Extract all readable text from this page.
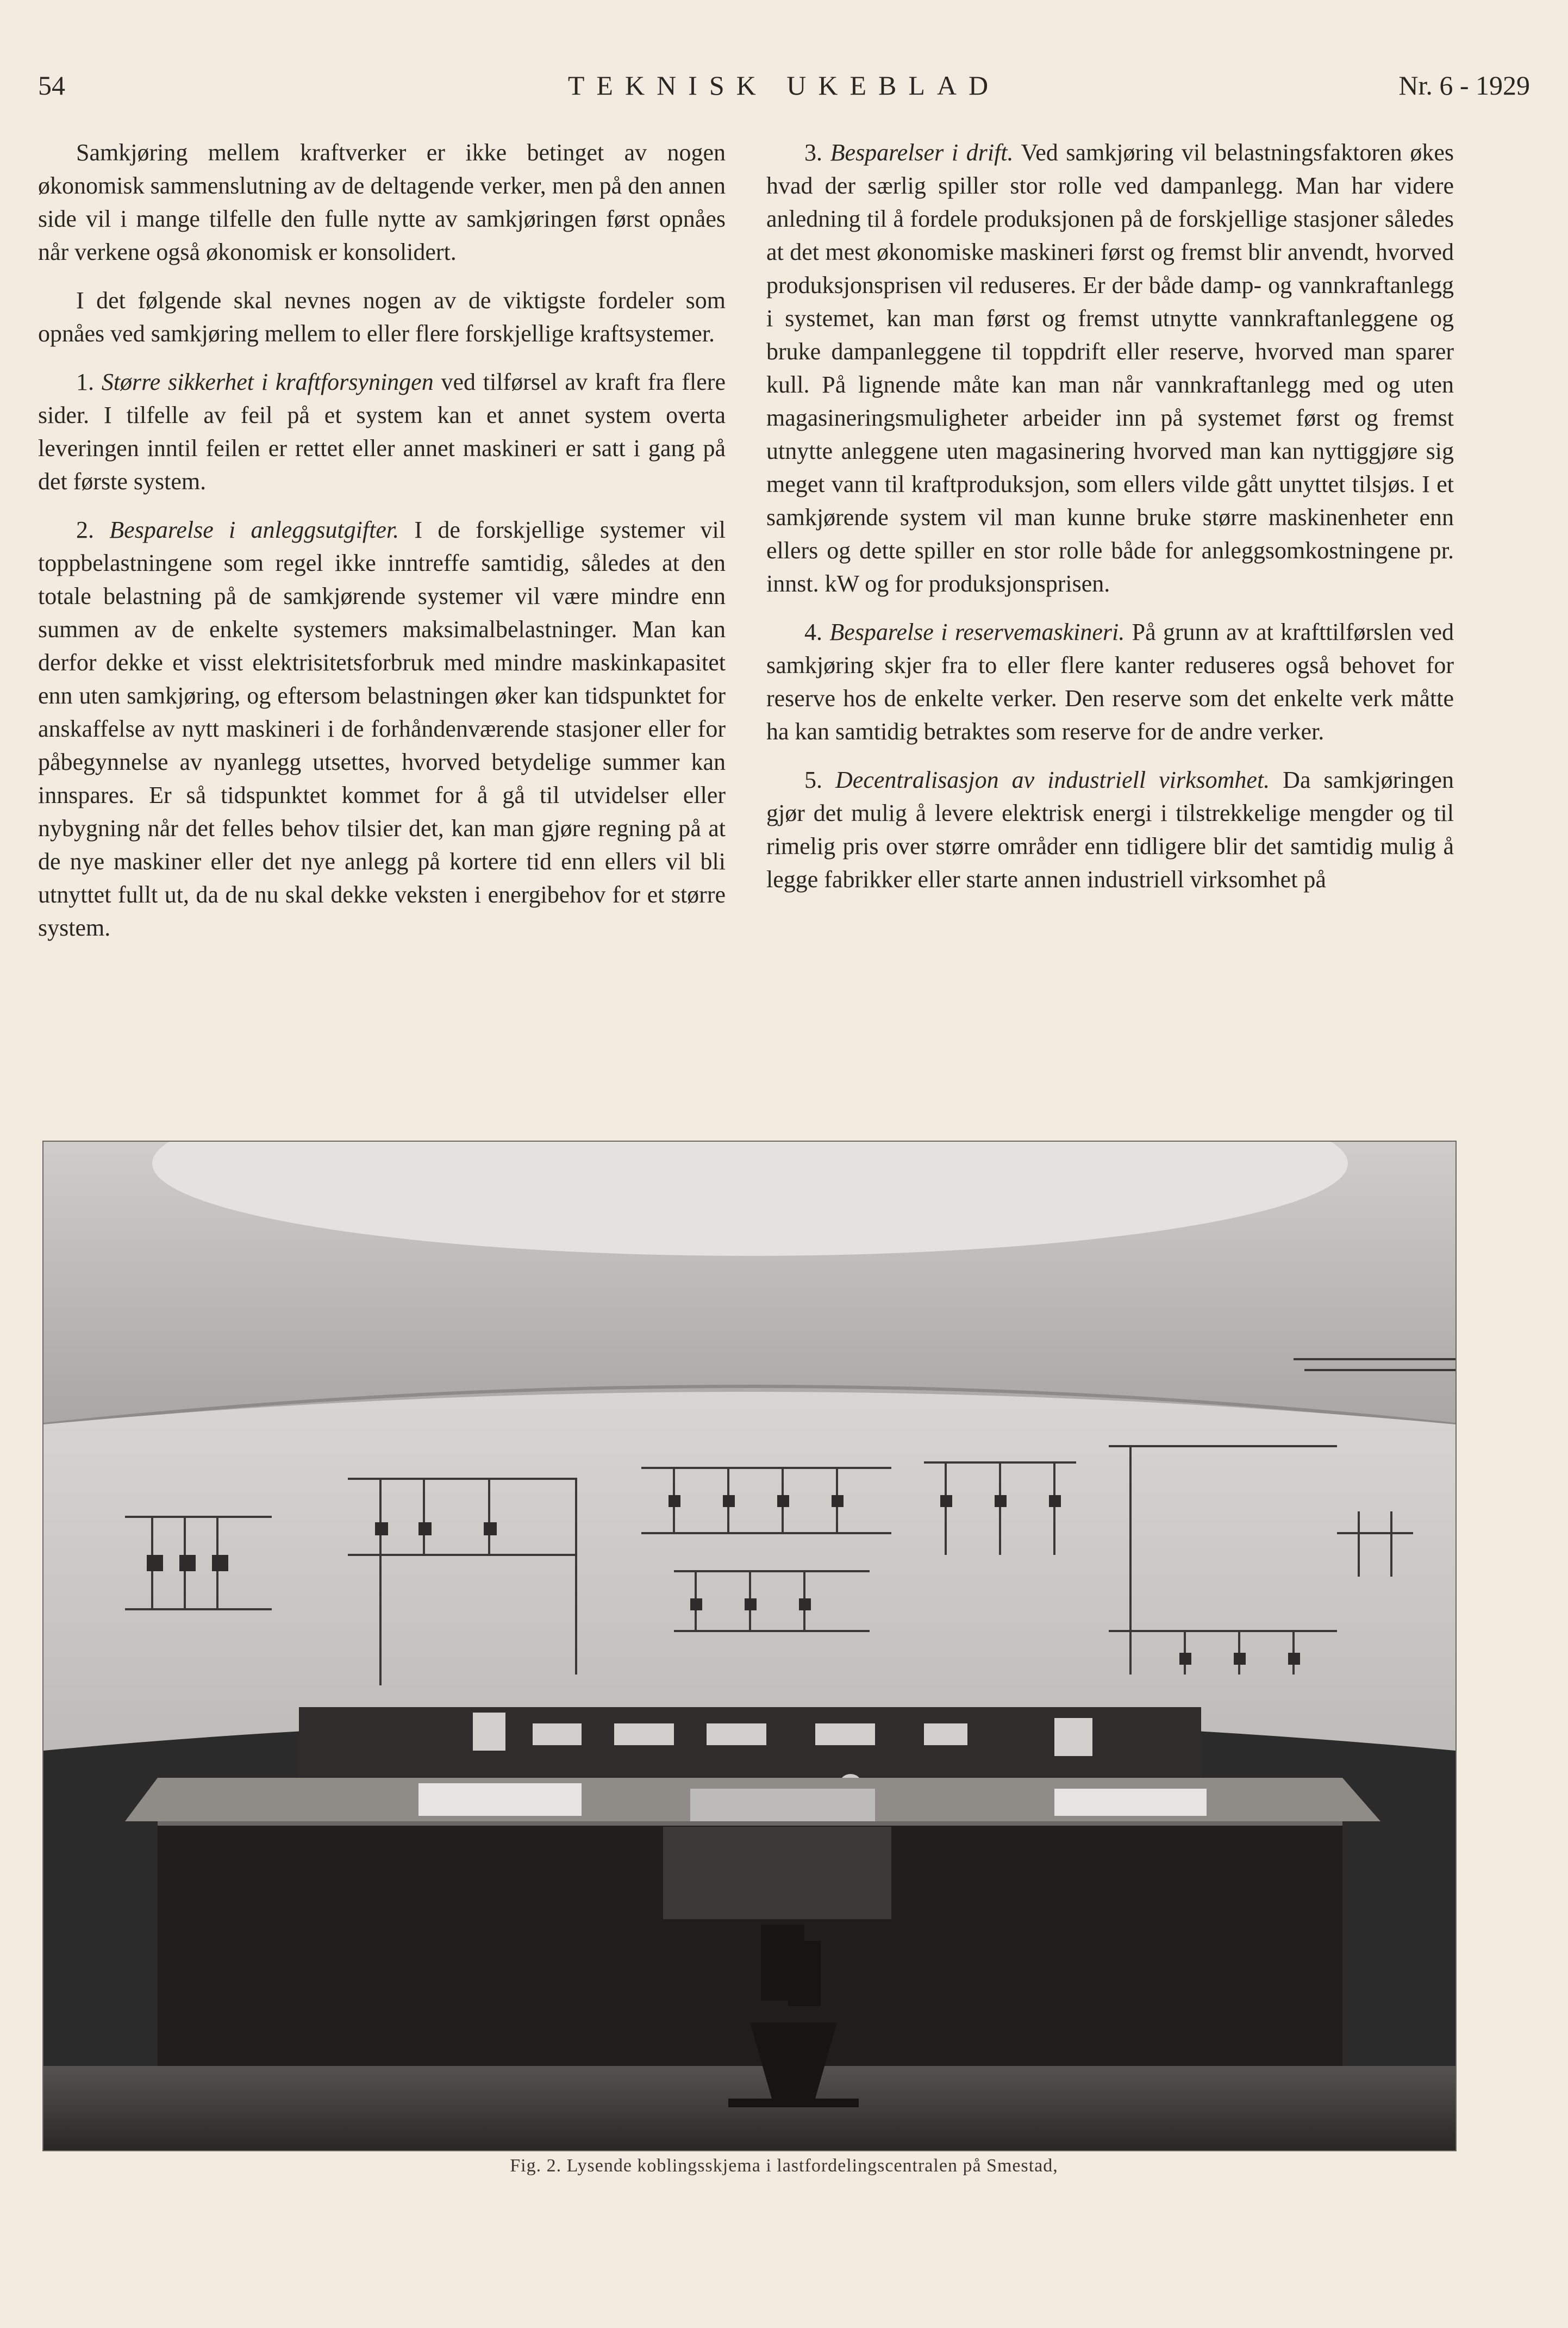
54	TEKNISK UKEBLAD	Nr. 6 - 1929

Samkjøring mellem kraftverker er ikke betinget av nogen økonomisk sammenslutning av de deltagende verker, men på den annen side vil i mange tilfelle den fulle nytte av samkjøringen først opnåes når verkene også økonomisk er konsolidert.

I det følgende skal nevnes nogen av de viktigste fordeler som opnåes ved samkjøring mellem to eller flere forskjellige kraftsystemer.

1. Større sikkerhet i kraftforsyningen ved tilførsel av kraft fra flere sider. I tilfelle av feil på et system kan et annet system overta leveringen inntil feilen er rettet eller annet maskineri er satt i gang på det første system.

2. Besparelse i anleggsutgifter. I de forskjellige systemer vil toppbelastningene som regel ikke inntreffe samtidig, således at den totale belastning på de samkjørende systemer vil være mindre enn summen av de enkelte systemers maksimalbelastninger. Man kan derfor dekke et visst elektrisitetsforbruk med mindre maskinkapasitet enn uten samkjøring, og eftersom belastningen øker kan tidspunktet for anskaffelse av nytt maskineri i de forhåndenværende stasjoner eller for påbegynnelse av nyanlegg utsettes, hvorved betydelige summer kan innspares. Er så tidspunktet kommet for å gå til utvidelser eller nybygning når det felles behov tilsier det, kan man gjøre regning på at de nye maskiner eller det nye anlegg på kortere tid enn ellers vil bli utnyttet fullt ut, da de nu skal dekke veksten i energibehov for et større system.

3. Besparelser i drift. Ved samkjøring vil belastningsfaktoren økes hvad der særlig spiller stor rolle ved dampanlegg. Man har videre anledning til å fordele produksjonen på de forskjellige stasjoner således at det mest økonomiske maskineri først og fremst blir anvendt, hvorved produksjonsprisen vil reduseres. Er der både damp- og vannkraftanlegg i systemet, kan man først og fremst utnytte vannkraftanleggene og bruke dampanleggene til toppdrift eller reserve, hvorved man sparer kull. På lignende måte kan man når vannkraftanlegg med og uten magasineringsmuligheter arbeider inn på systemet først og fremst utnytte anleggene uten magasinering hvorved man kan nyttiggjøre sig meget vann til kraftproduksjon, som ellers vilde gått unyttet tilsjøs. I et samkjørende system vil man kunne bruke større maskinenheter enn ellers og dette spiller en stor rolle både for anleggsomkostningene pr. innst. kW og for produksjonsprisen.

4. Besparelse i reservemaskineri. På grunn av at krafttilførslen ved samkjøring skjer fra to eller flere kanter reduseres også behovet for reserve hos de enkelte verker. Den reserve som det enkelte verk måtte ha kan samtidig betraktes som reserve for de andre verker.

5. Decentralisasjon av industriell virksomhet. Da samkjøringen gjør det mulig å levere elektrisk energi i tilstrekkelige mengder og til rimelig pris over større områder enn tidligere blir det samtidig mulig å legge fabrikker eller starte annen industriell virksomhet på

Fig. 2. Lysende koblingsskjema i lastfordelingscentralen på Smestad,
